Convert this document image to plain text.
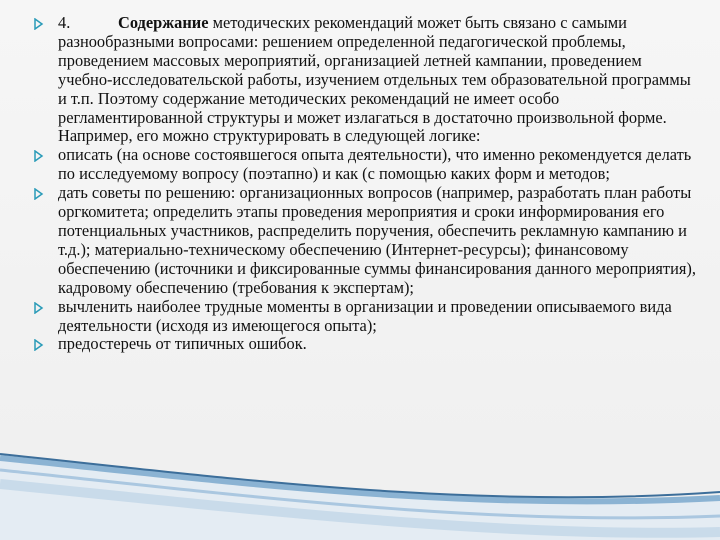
4.	Содержание методических рекомендаций может быть связано с самыми разнообразными вопросами: решением определенной педагогической проблемы, проведением массовых мероприятий, организацией летней кампании, проведением учебно-исследовательской работы, изучением отдельных тем образовательной программы и т.п. Поэтому содержание методических рекомендаций не имеет особо регламентированной структуры и может излагаться в достаточно произвольной форме. Например, его можно структурировать в следующей логике:
описать (на основе состоявшегося опыта деятельности), что именно рекомендуется делать по исследуемому вопросу (поэтапно) и как (с помощью каких форм и методов;
дать советы по решению: организационных вопросов (например, разработать план работы оргкомитета; определить этапы проведения мероприятия и сроки информирования его потенциальных участников, распределить поручения, обеспечить рекламную кампанию и т.д.); материально-техническому обеспечению (Интернет-ресурсы); финансовому обеспечению (источники и фиксированные суммы финансирования данного мероприятия), кадровому обеспечению (требования к экспертам);
вычленить наиболее трудные моменты в организации и проведении описываемого вида деятельности (исходя из имеющегося опыта);
предостеречь от типичных ошибок.
